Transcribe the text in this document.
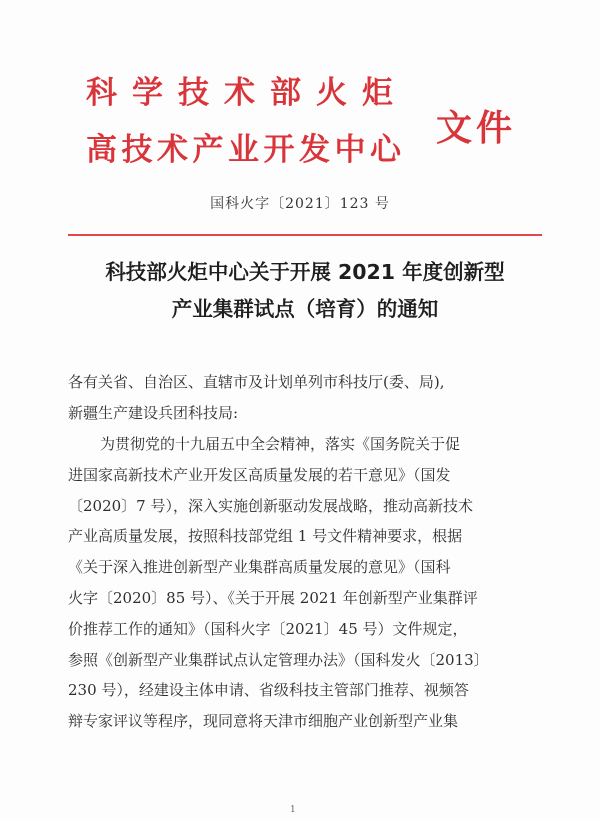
科学技术部火炬
高技术产业开发中心
文件
国科火字〔2021〕123 号
科技部火炬中心关于开展 2021 年度创新型
产业集群试点（培育）的通知
各有关省、自治区、直辖市及计划单列市科技厅(委、局),
新疆生产建设兵团科技局:
为贯彻党的十九届五中全会精神，落实《国务院关于促
进国家高新技术产业开发区高质量发展的若干意见》（国发
〔2020〕7 号），深入实施创新驱动发展战略，推动高新技术
产业高质量发展，按照科技部党组 1 号文件精神要求，根据
《关于深入推进创新型产业集群高质量发展的意见》（国科
火字〔2020〕85 号）、《关于开展 2021 年创新型产业集群评
价推荐工作的通知》（国科火字〔2021〕45 号）文件规定，
参照《创新型产业集群试点认定管理办法》（国科发火〔2013〕
230 号），经建设主体申请、省级科技主管部门推荐、视频答
辩专家评议等程序，现同意将天津市细胞产业创新型产业集
1
